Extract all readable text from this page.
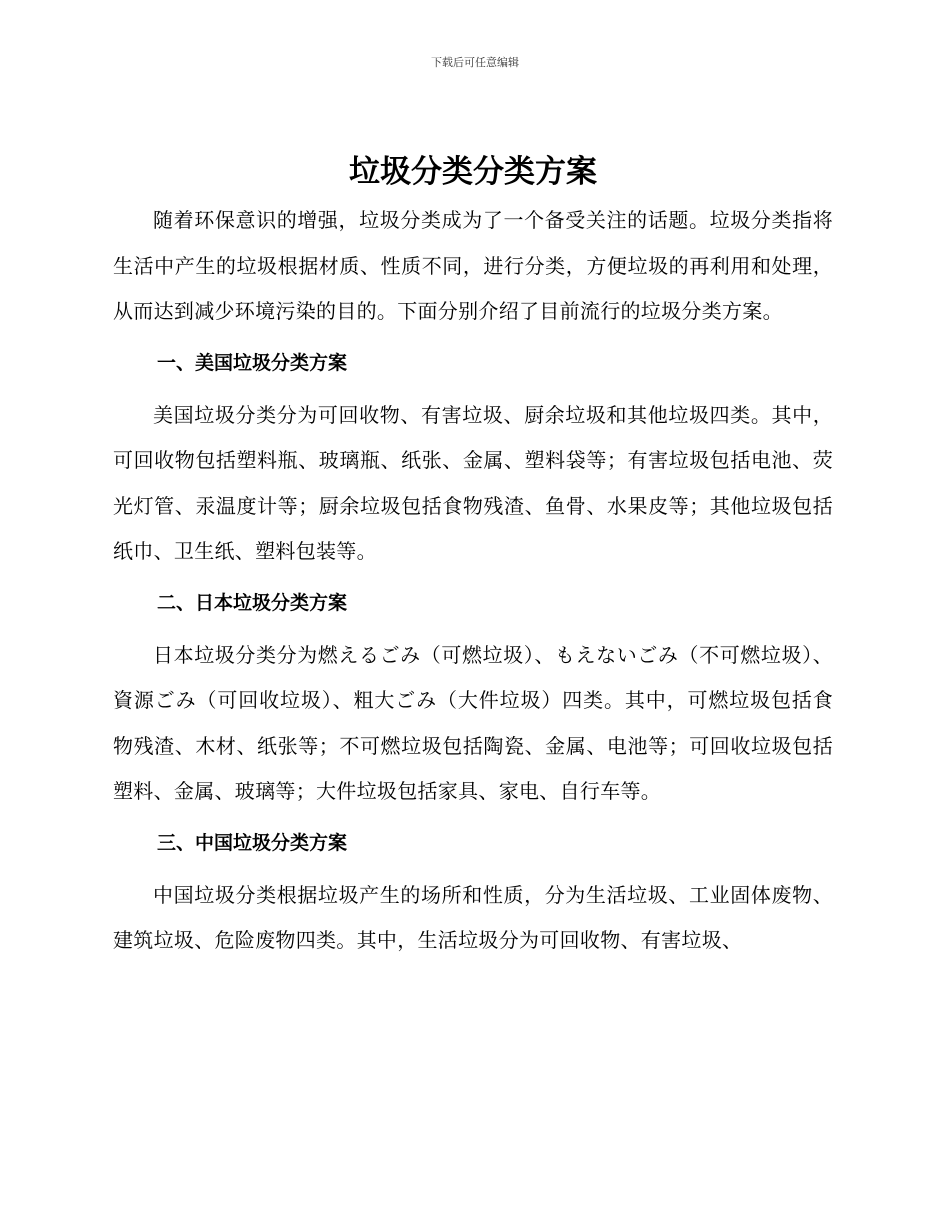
下载后可任意编辑
垃圾分类分类方案

随着环保意识的增强，垃圾分类成为了一个备受关注的话题。垃圾分类指将生活中产生的垃圾根据材质、性质不同，进行分类，方便垃圾的再利用和处理，从而达到减少环境污染的目的。下面分别介绍了目前流行的垃圾分类方案。

一、美国垃圾分类方案

美国垃圾分类分为可回收物、有害垃圾、厨余垃圾和其他垃圾四类。其中，可回收物包括塑料瓶、玻璃瓶、纸张、金属、塑料袋等；有害垃圾包括电池、荧光灯管、汞温度计等；厨余垃圾包括食物残渣、鱼骨、水果皮等；其他垃圾包括纸巾、卫生纸、塑料包装等。

二、日本垃圾分类方案

日本垃圾分类分为燃えるごみ（可燃垃圾）、もえないごみ（不可燃垃圾）、資源ごみ（可回收垃圾）、粗大ごみ（大件垃圾）四类。其中，可燃垃圾包括食物残渣、木材、纸张等；不可燃垃圾包括陶瓷、金属、电池等；可回收垃圾包括塑料、金属、玻璃等；大件垃圾包括家具、家电、自行车等。

三、中国垃圾分类方案

中国垃圾分类根据垃圾产生的场所和性质，分为生活垃圾、工业固体废物、建筑垃圾、危险废物四类。其中，生活垃圾分为可回收物、有害垃圾、
